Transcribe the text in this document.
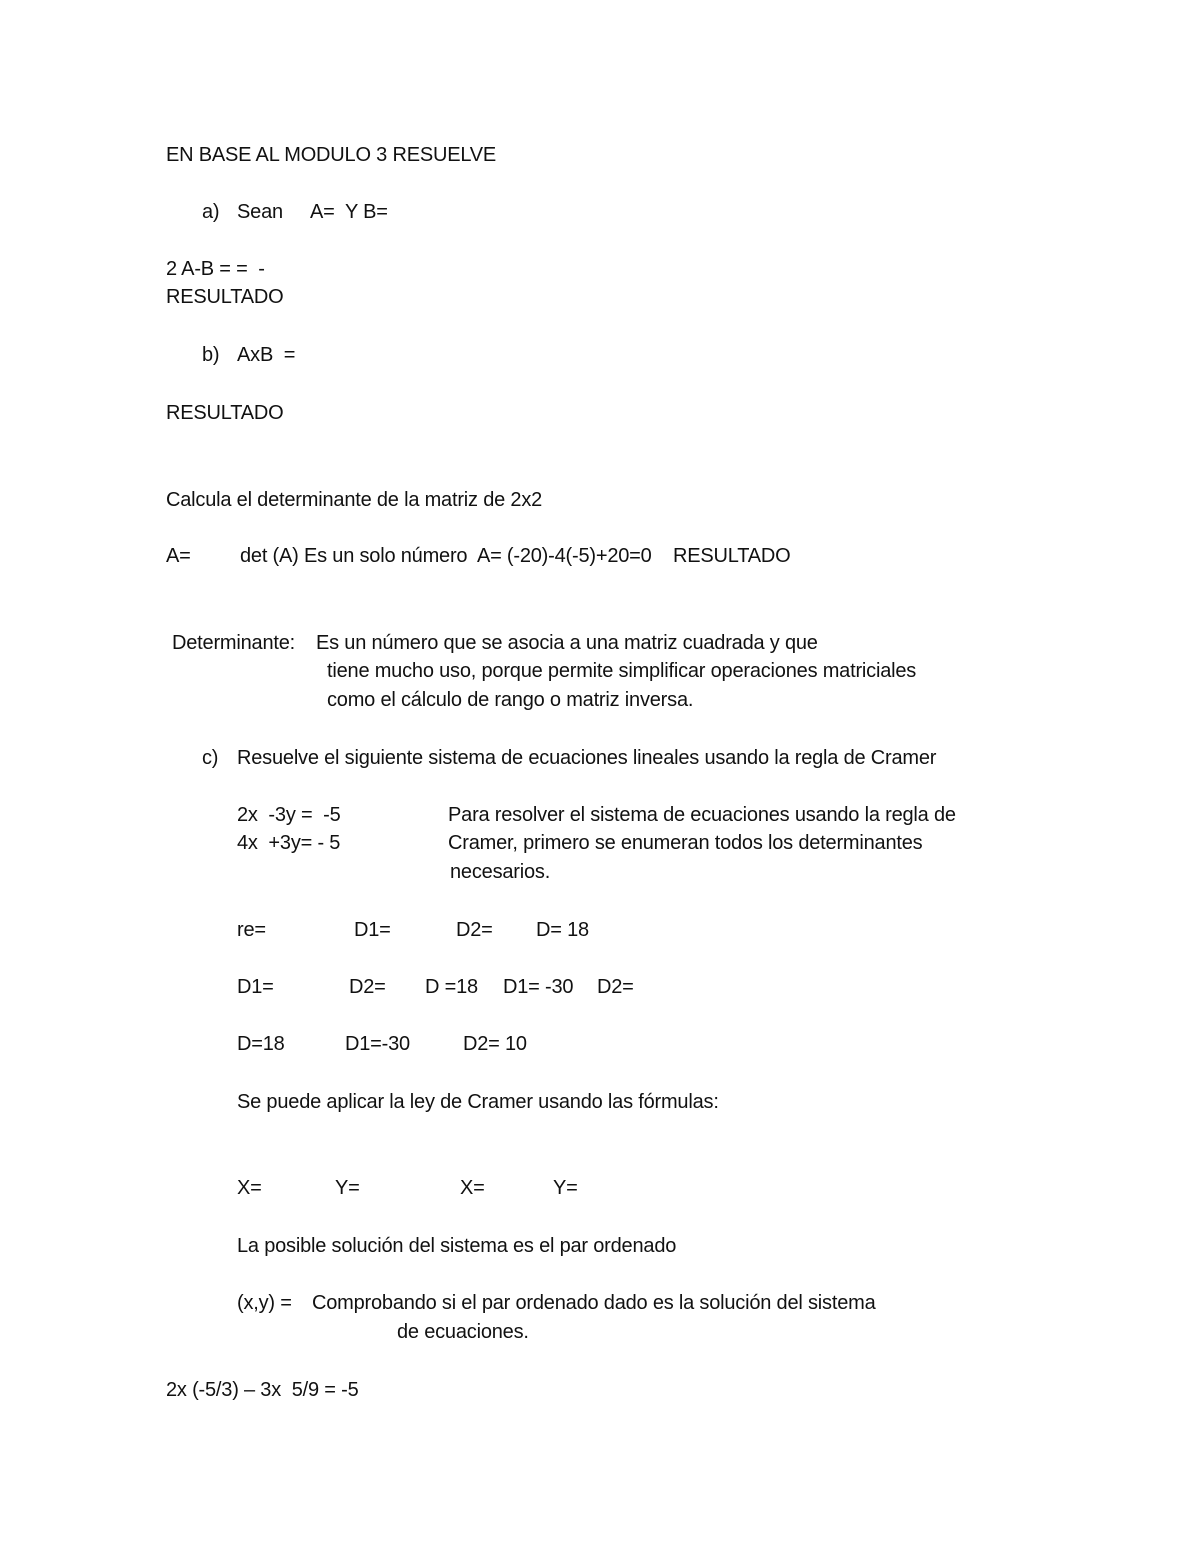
EN BASE AL MODULO 3 RESUELVE
a) Sean A= Y B=
2 A-B = =  -
RESULTADO
b) AxB  =
RESULTADO
Calcula el determinante de la matriz de 2x2
A= det (A) Es un solo número  A= (-20)-4(-5)+20=0    RESULTADO
Determinante: Es un número que se asocia a una matriz cuadrada y que
tiene mucho uso, porque permite simplificar operaciones matriciales
como el cálculo de rango o matriz inversa.
c) Resuelve el siguiente sistema de ecuaciones lineales usando la regla de Cramer
2x  -3y =  -5
4x  +3y= - 5
Para resolver el sistema de ecuaciones usando la regla de
Cramer, primero se enumeran todos los determinantes
necesarios.
re=	D1=	D2= D= 18
D1=	D2= D =18 D1= -30 D2=
D=18	D1=-30	D2= 10
Se puede aplicar la ley de Cramer usando las fórmulas:
X=	Y=	X=	Y=
La posible solución del sistema es el par ordenado
(x,y) = Comprobando si el par ordenado dado es la solución del sistema
de ecuaciones.
2x (-5/3) – 3x  5/9 = -5
